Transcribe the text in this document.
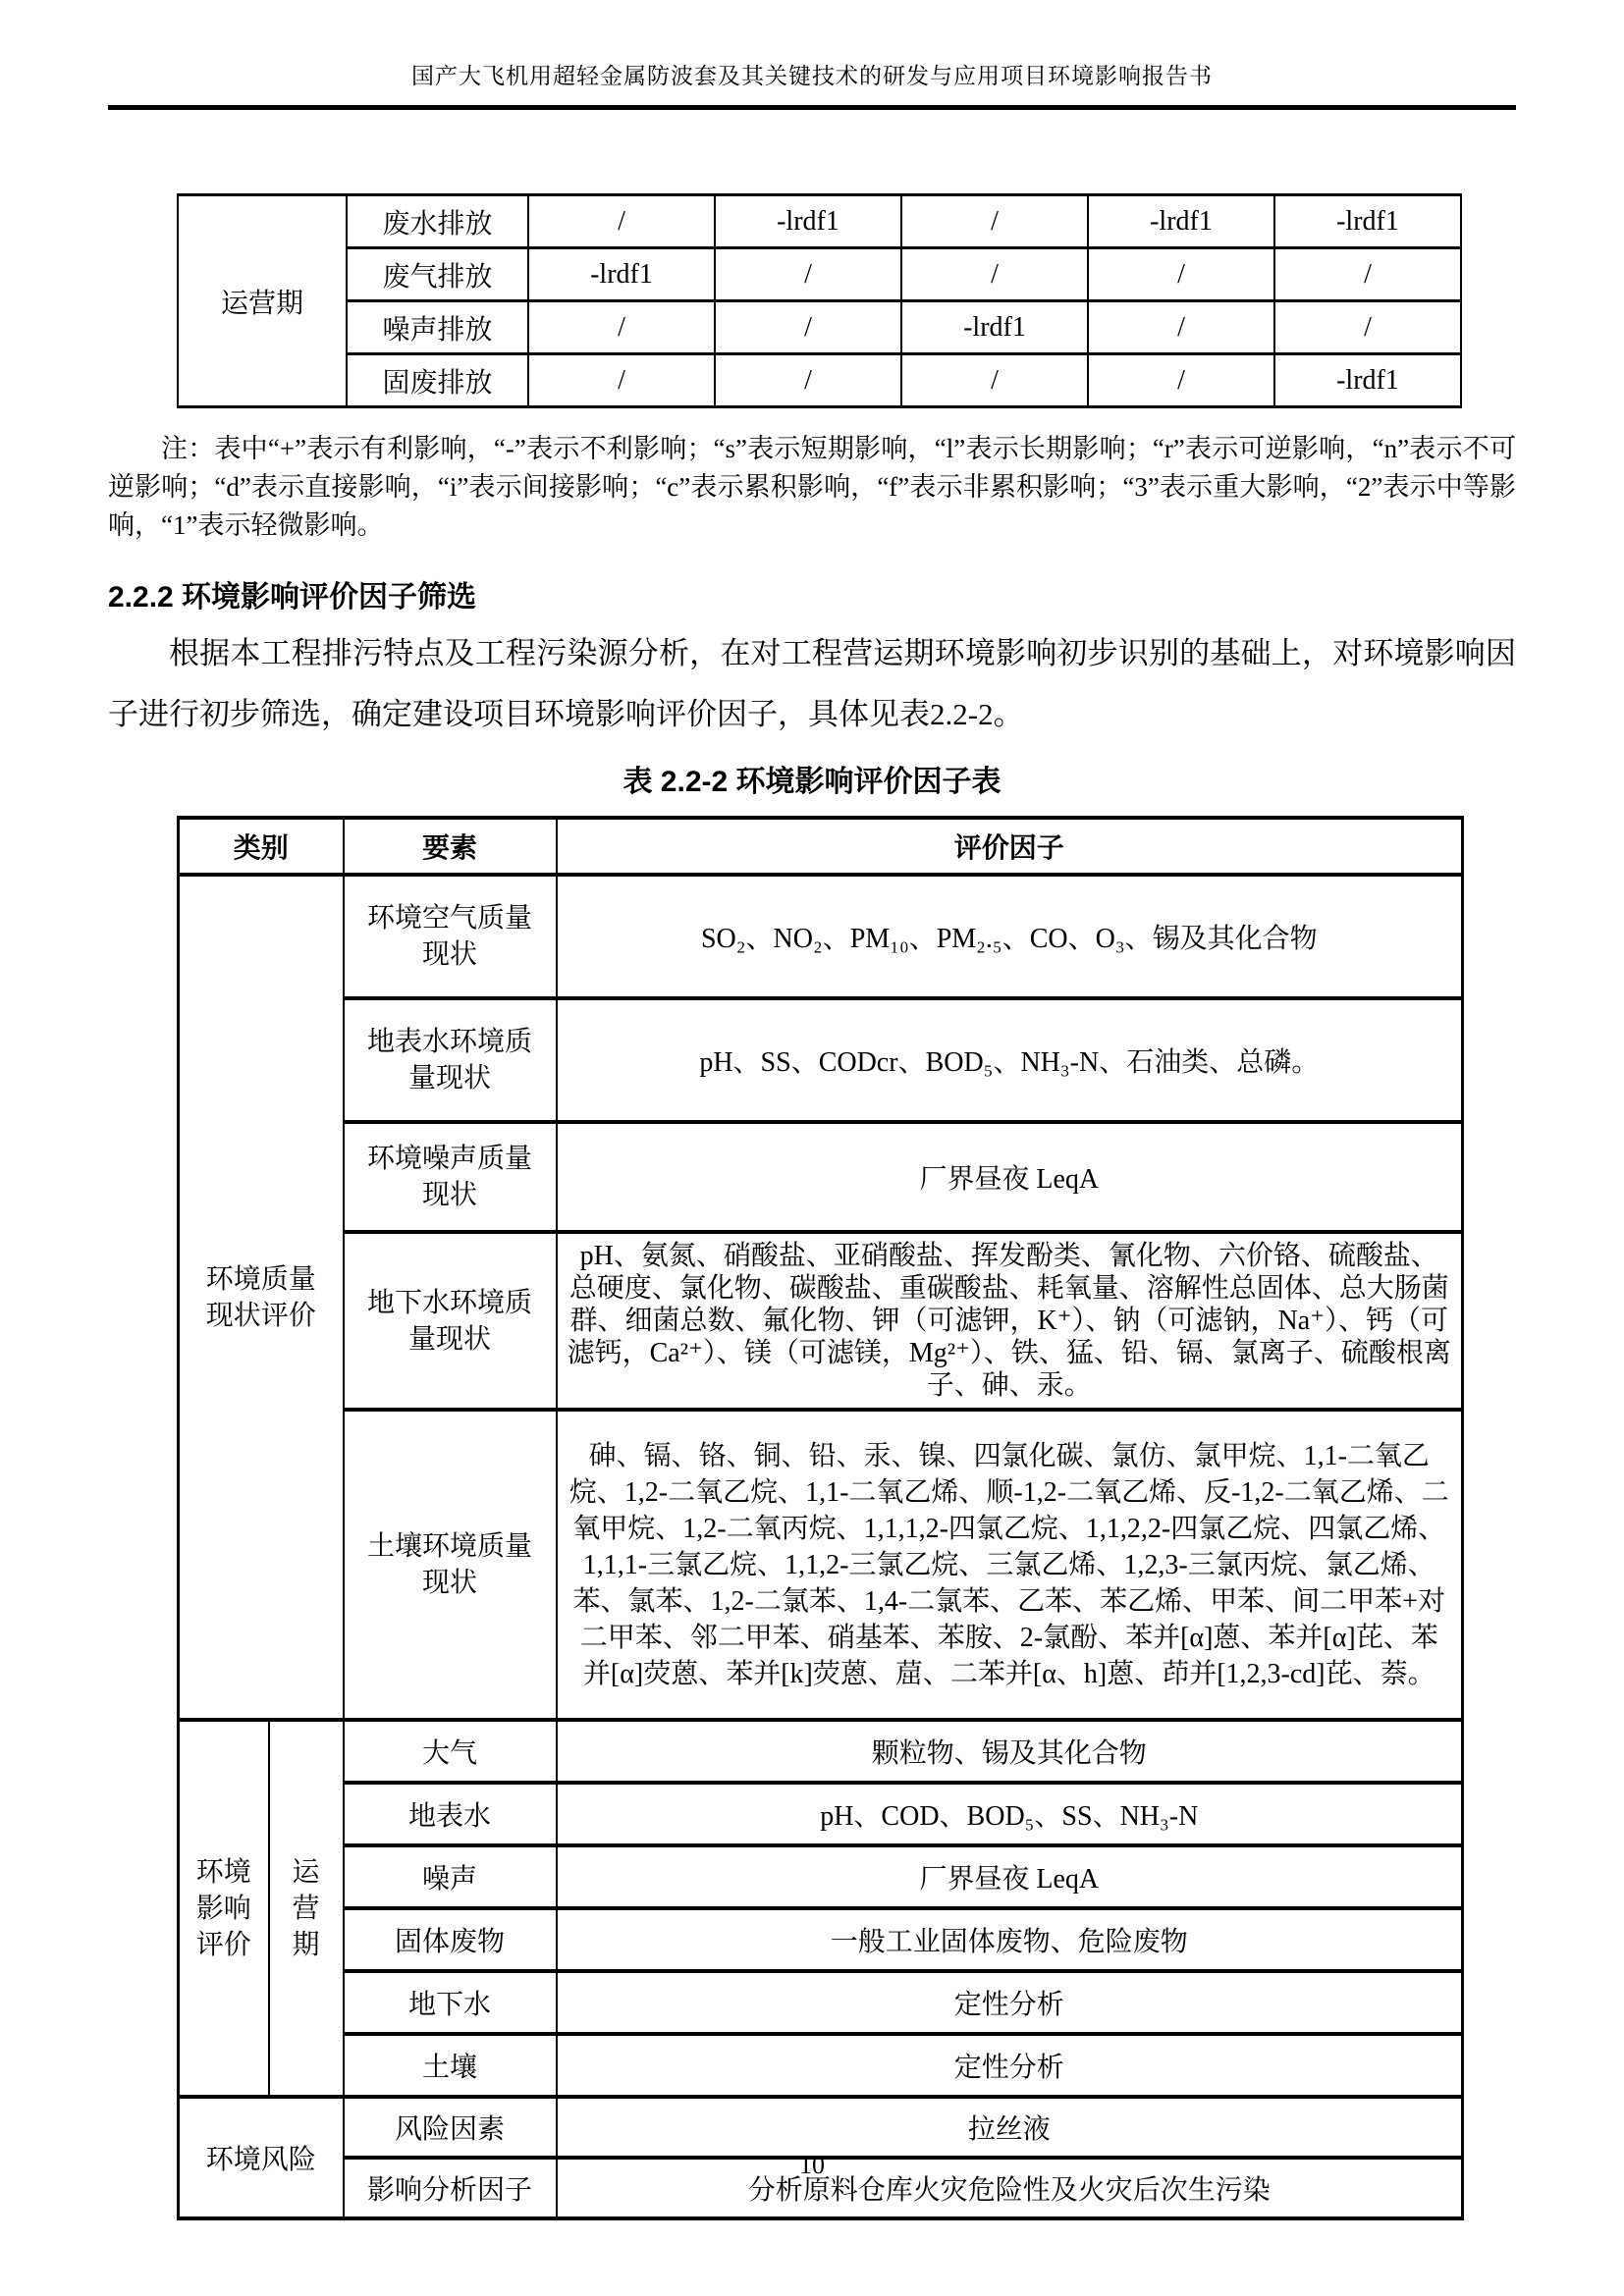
国产大飞机用超轻金属防波套及其关键技术的研发与应用项目环境影响报告书
运营期	废水排放	/	-lrdf1	/	-lrdf1	-lrdf1
	废气排放	-lrdf1	/	/	/	/
	噪声排放	/	/	-lrdf1	/	/
	固废排放	/	/	/	/	-lrdf1
注：表中“+”表示有利影响，“-”表示不利影响；“s”表示短期影响，“l”表示长期影响；“r”表示可逆影响，“n”表示不可逆影响；“d”表示直接影响，“i”表示间接影响；“c”表示累积影响，“f”表示非累积影响；“3”表示重大影响，“2”表示中等影响，“1”表示轻微影响。
2.2.2 环境影响评价因子筛选
根据本工程排污特点及工程污染源分析，在对工程营运期环境影响初步识别的基础上，对环境影响因子进行初步筛选，确定建设项目环境影响评价因子，具体见表2.2-2。
表 2.2-2 环境影响评价因子表
类别		要素	评价因子
环境质量
现状评价		环境空气质量
现状	SO₂、NO₂、PM₁₀、PM₂.₅、CO、O₃、锡及其化合物
		地表水环境质
量现状	pH、SS、CODcr、BOD₅、NH₃-N、石油类、总磷。
		环境噪声质量
现状	厂界昼夜 LeqA
		地下水环境质
量现状	pH、氨氮、硝酸盐、亚硝酸盐、挥发酚类、氰化物、六价铬、硫酸盐、总硬度、氯化物、碳酸盐、重碳酸盐、耗氧量、溶解性总固体、总大肠菌群、细菌总数、氟化物、钾（可滤钾，K⁺）、钠（可滤钠，Na⁺）、钙（可滤钙，Ca²⁺）、镁（可滤镁，Mg²⁺）、铁、猛、铅、镉、氯离子、硫酸根离子、砷、汞。
		土壤环境质量
现状	砷、镉、铬、铜、铅、汞、镍、四氯化碳、氯仿、氯甲烷、1,1-二氧乙烷、1,2-二氧乙烷、1,1-二氧乙烯、顺-1,2-二氧乙烯、反-1,2-二氧乙烯、二氧甲烷、1,2-二氧丙烷、1,1,1,2-四氯乙烷、1,1,2,2-四氯乙烷、四氯乙烯、1,1,1-三氯乙烷、1,1,2-三氯乙烷、三氯乙烯、1,2,3-三氯丙烷、氯乙烯、苯、氯苯、1,2-二氯苯、1,4-二氯苯、乙苯、苯乙烯、甲苯、间二甲苯+对二甲苯、邻二甲苯、硝基苯、苯胺、2-氯酚、苯并[α]蒽、苯并[α]芘、苯并[α]荧蒽、苯并[k]荧蒽、䓛、二苯并[α、h]蒽、茚并[1,2,3-cd]芘、萘。
环境
影响
评价	运
营
期	大气	颗粒物、锡及其化合物
		地表水	pH、COD、BOD₅、SS、NH₃-N
		噪声	厂界昼夜 LeqA
		固体废物	一般工业固体废物、危险废物
		地下水	定性分析
		土壤	定性分析
环境风险		风险因素	拉丝液
		影响分析因子	分析原料仓库火灾危险性及火灾后次生污染
10
